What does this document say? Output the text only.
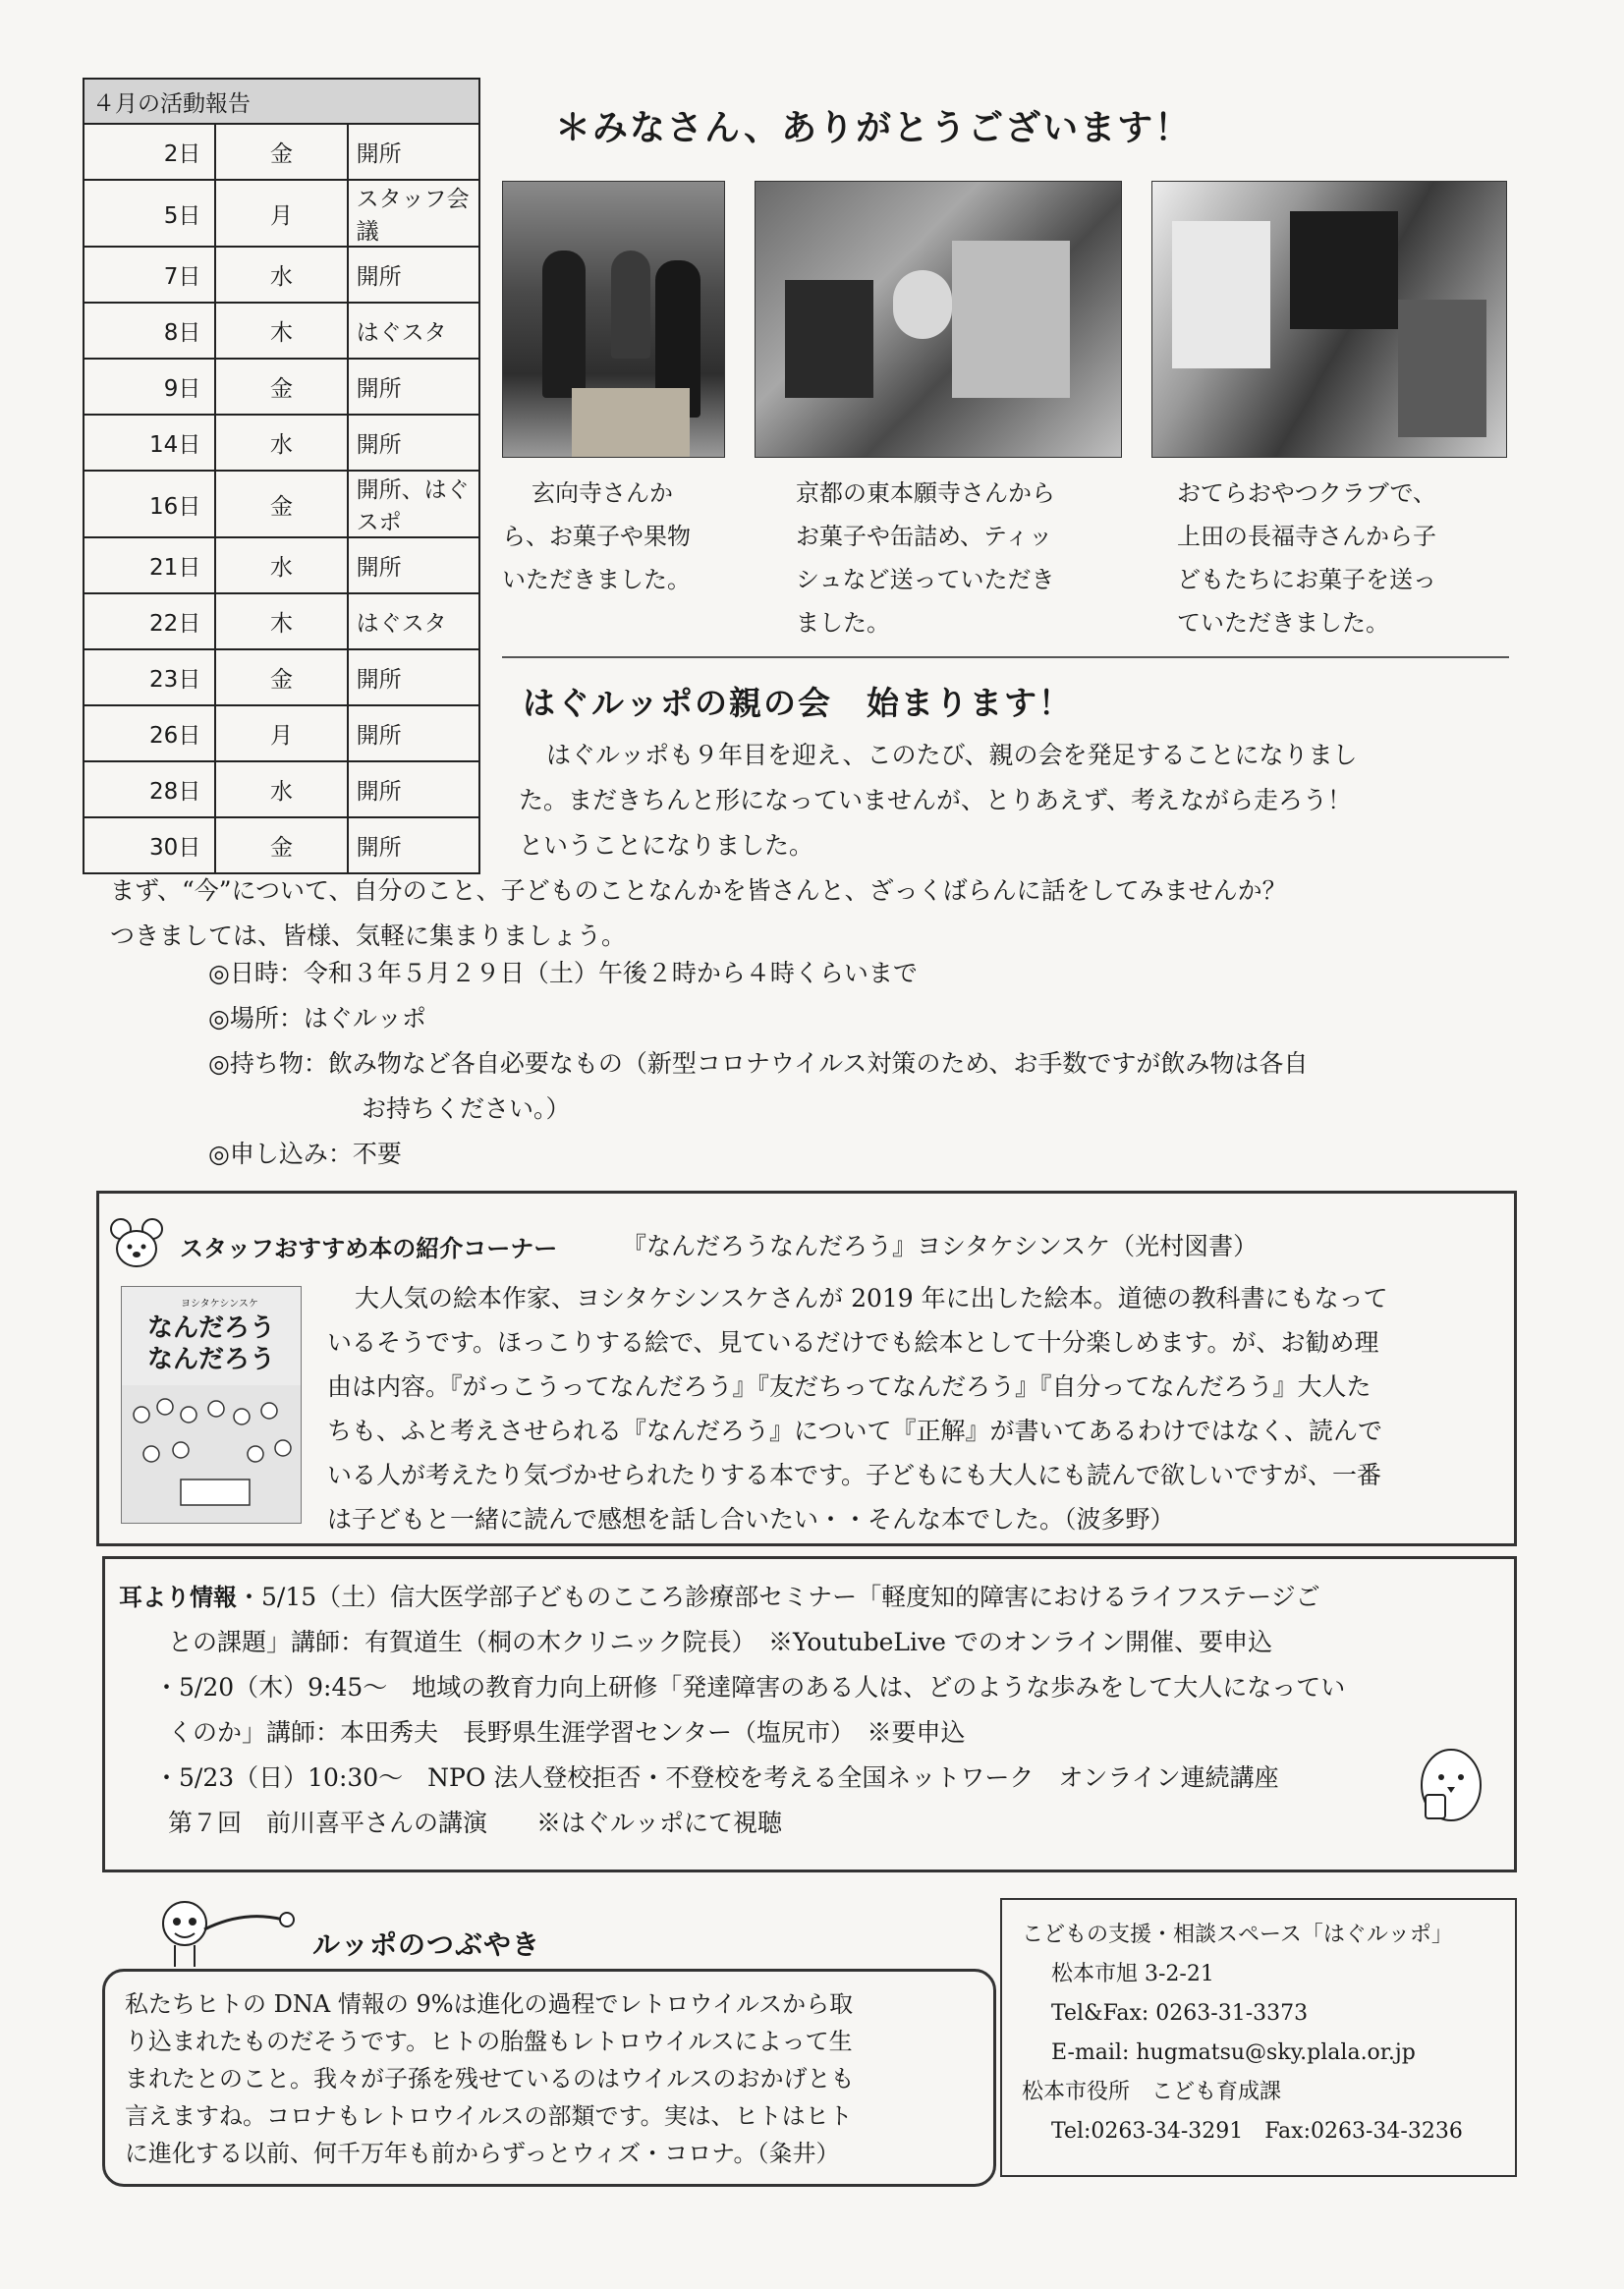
４月の活動報告		
2日	金	開所
5日	月	スタッフ会議
7日	水	開所
8日	木	はぐスタ
9日	金	開所
14日	水	開所
16日	金	開所、はぐスポ
21日	水	開所
22日	木	はぐスタ
23日	金	開所
26日	月	開所
28日	水	開所
30日	金	開所
＊みなさん、ありがとうございます！
玄向寺さんか
ら、お菓子や果物
いただきました。
京都の東本願寺さんから
お菓子や缶詰め、ティッ
シュなど送っていただき
ました。
おてらおやつクラブで、
上田の長福寺さんから子
どもたちにお菓子を送っ
ていただきました。
はぐルッポの親の会　始まります！
はぐルッポも９年目を迎え、このたび、親の会を発足することになりまし
た。まだきちんと形になっていませんが、とりあえず、考えながら走ろう！
ということになりました。
まず、“今”について、自分のこと、子どものことなんかを皆さんと、ざっくばらんに話をしてみませんか？
つきましては、皆様、気軽に集まりましょう。
◎日時：令和３年５月２９日（土）午後２時から４時くらいまで
◎場所：はぐルッポ
◎持ち物：飲み物など各自必要なもの（新型コロナウイルス対策のため、お手数ですが飲み物は各自
お持ちください。）
◎申し込み：不要
スタッフおすすめ本の紹介コーナー	『なんだろうなんだろう』ヨシタケシンスケ（光村図書）
ヨシタケシンスケ
なんだろう
なんだろう
大人気の絵本作家、ヨシタケシンスケさんが 2019 年に出した絵本。道徳の教科書にもなって
いるそうです。ほっこりする絵で、見ているだけでも絵本として十分楽しめます。が、お勧め理
由は内容。『がっこうってなんだろう』『友だちってなんだろう』『自分ってなんだろう』大人た
ちも、ふと考えさせられる『なんだろう』について『正解』が書いてあるわけではなく、読んで
いる人が考えたり気づかせられたりする本です。子どもにも大人にも読んで欲しいですが、一番
は子どもと一緒に読んで感想を話し合いたい・・そんな本でした。（波多野）
耳より情報・5/15（土）信大医学部子どものこころ診療部セミナー「軽度知的障害におけるライフステージご
との課題」講師：有賀道生（桐の木クリニック院長）　※YoutubeLive でのオンライン開催、要申込
・5/20（木）9:45～　地域の教育力向上研修「発達障害のある人は、どのような歩みをして大人になってい
くのか」講師：本田秀夫　長野県生涯学習センター（塩尻市）　※要申込
・5/23（日）10:30～　NPO 法人登校拒否・不登校を考える全国ネットワーク　オンライン連続講座
第７回　前川喜平さんの講演　　※はぐルッポにて視聴
ルッポのつぶやき
私たちヒトの DNA 情報の 9%は進化の過程でレトロウイルスから取
り込まれたものだそうです。ヒトの胎盤もレトロウイルスによって生
まれたとのこと。我々が子孫を残せているのはウイルスのおかげとも
言えますね。コロナもレトロウイルスの部類です。実は、ヒトはヒト
に進化する以前、何千万年も前からずっとウィズ・コロナ。（粂井）
こどもの支援・相談スペース「はぐルッポ」
松本市旭 3-2-21
Tel&Fax: 0263-31-3373
E-mail: hugmatsu@sky.plala.or.jp
松本市役所　こども育成課
Tel:0263-34-3291　Fax:0263-34-3236
